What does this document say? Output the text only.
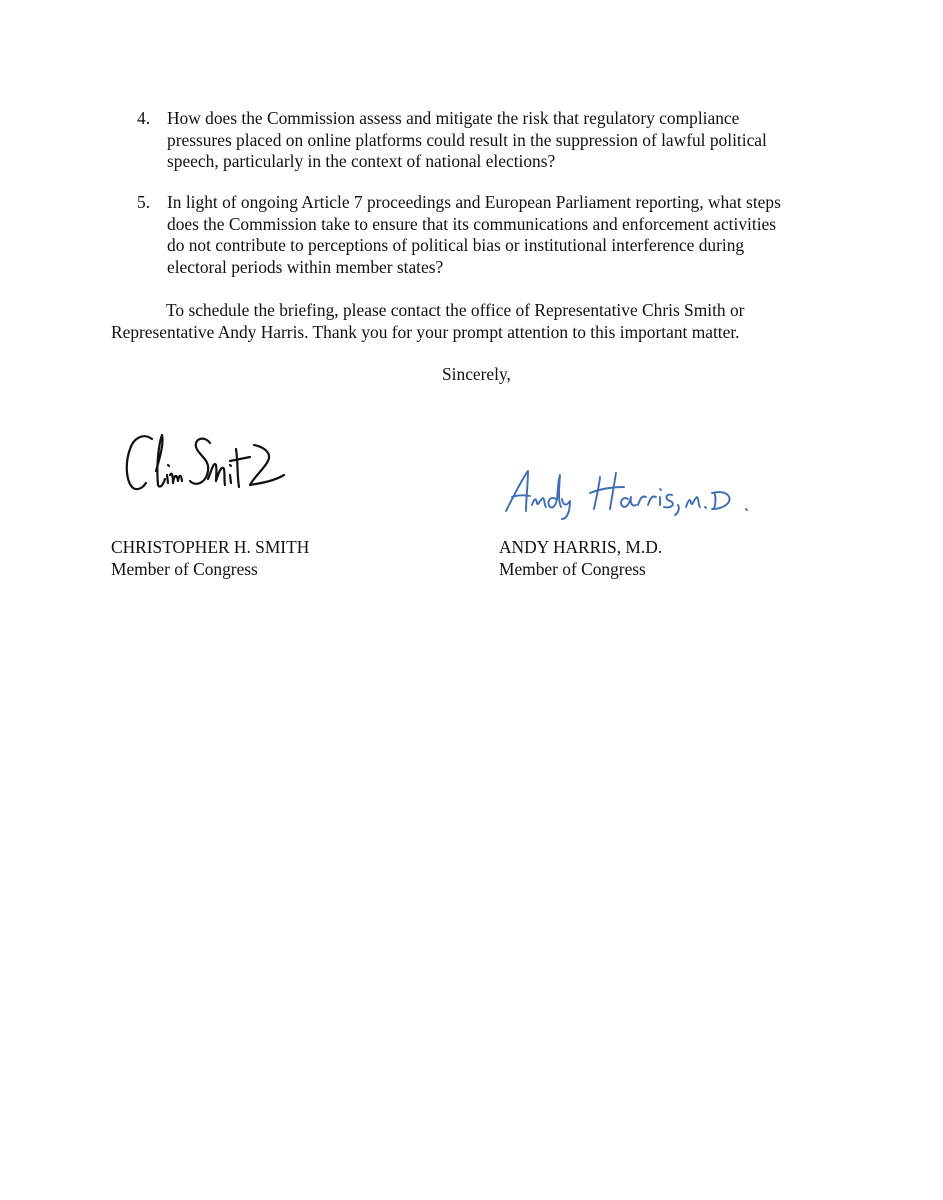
4. How does the Commission assess and mitigate the risk that regulatory compliance
pressures placed on online platforms could result in the suppression of lawful political
speech, particularly in the context of national elections?
5. In light of ongoing Article 7 proceedings and European Parliament reporting, what steps
does the Commission take to ensure that its communications and enforcement activities
do not contribute to perceptions of political bias or institutional interference during
electoral periods within member states?
To schedule the briefing, please contact the office of Representative Chris Smith or
Representative Andy Harris. Thank you for your prompt attention to this important matter.
Sincerely,
CHRISTOPHER H. SMITH
Member of Congress
ANDY HARRIS, M.D.
Member of Congress
